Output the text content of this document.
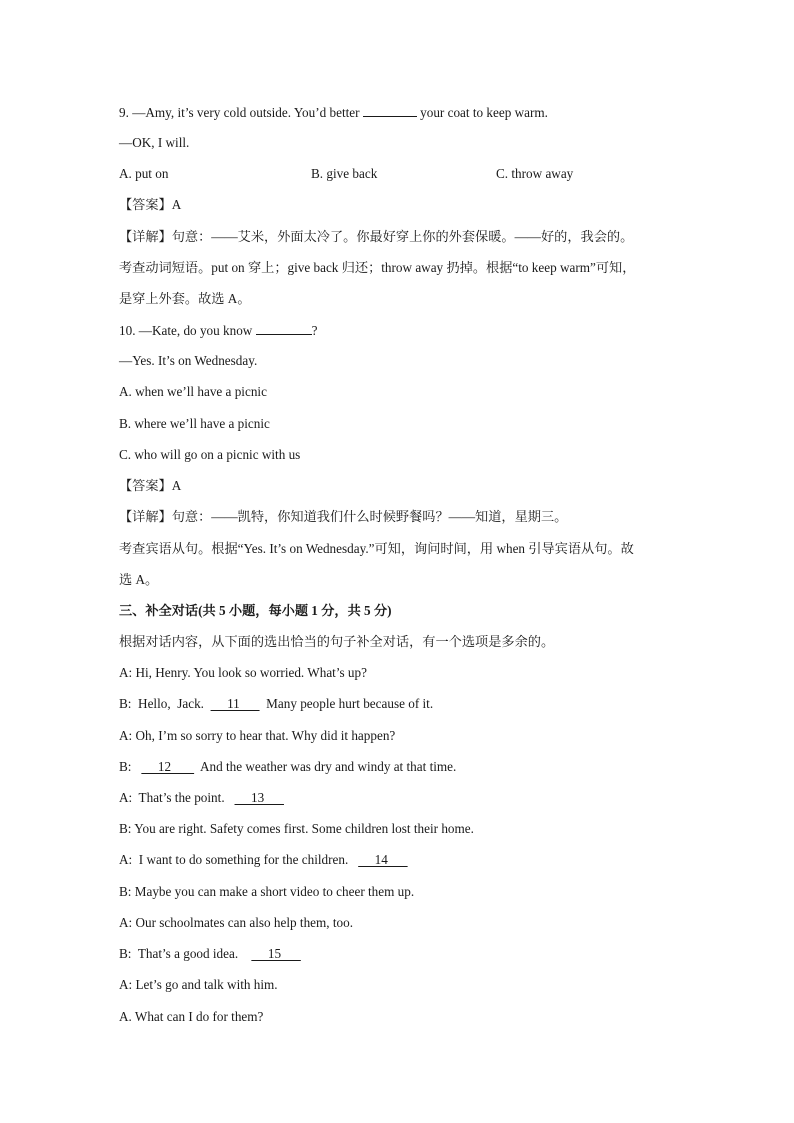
9. —Amy, it’s very cold outside. You’d better	your coat to keep warm.
—OK, I will.
A. put on	B. give back	C. throw away
【答案】A
【详解】句意：——艾米，外面太冷了。你最好穿上你的外套保暖。——好的，我会的。
考查动词短语。put on 穿上；give back 归还；throw away 扔掉。根据“to keep warm”可知，
是穿上外套。故选 A。
10. —Kate, do you know	?
—Yes. It’s on Wednesday.
A. when we’ll have a picnic
B. where we’ll have a picnic
C. who will go on a picnic with us
【答案】A
【详解】句意：——凯特，你知道我们什么时候野餐吗？——知道，星期三。
考查宾语从句。根据“Yes. It’s on Wednesday.”可知，询问时间，用 when 引导宾语从句。故
选 A。
三、补全对话(共 5 小题，每小题 1 分，共 5 分)
根据对话内容，从下面的选出恰当的句子补全对话，有一个选项是多余的。
A: Hi, Henry. You look so worried. What’s up?
B:  Hello,  Jack.       11        Many people hurt because of it.
A: Oh, I’m so sorry to hear that. Why did it happen?
B:        12         And the weather was dry and windy at that time.
A:  That’s the point.        13
B: You are right. Safety comes first. Some children lost their home.
A:  I want to do something for the children.        14
B: Maybe you can make a short video to cheer them up.
A: Our schoolmates can also help them, too.
B:  That’s a good idea.         15
A: Let’s go and talk with him.
A. What can I do for them?
